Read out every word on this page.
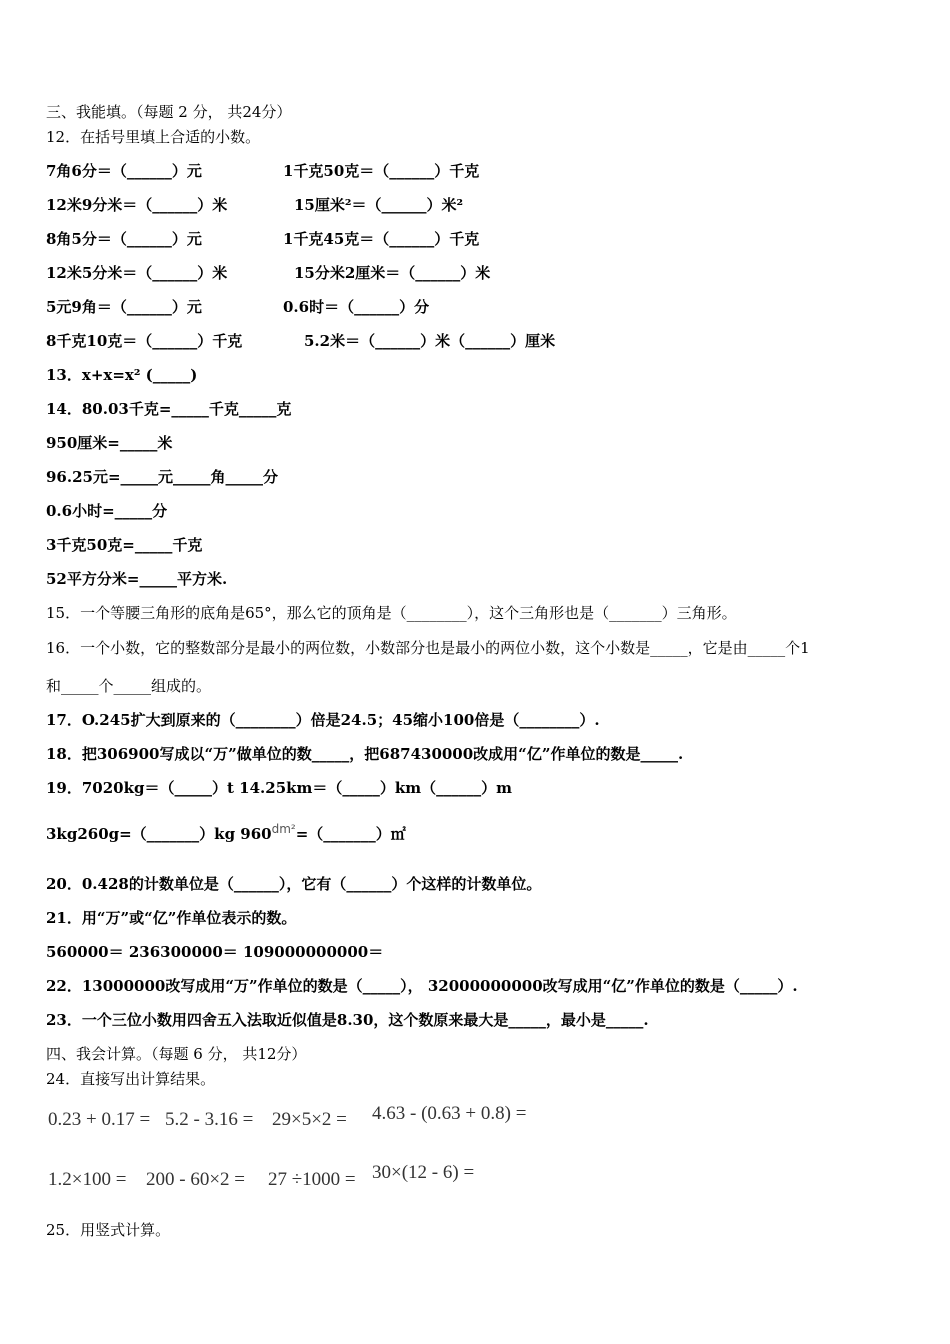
三、我能填。（每题 2 分， 共24分）
12．在括号里填上合适的小数。
7角6分＝（______）元	1千克50克＝（______）千克
12米9分米＝（______）米	15厘米²＝（______）米²
8角5分＝（______）元	1千克45克＝（______）千克
12米5分米＝（______）米	15分米2厘米＝（______）米
5元9角＝（______）元	0.6时＝（______）分
8千克10克＝（______）千克	5.2米＝（______）米（______）厘米
13．x+x=x² (_____)
14．80.03千克=_____千克_____克
950厘米=_____米
96.25元=_____元_____角_____分
0.6小时=_____分
3千克50克=_____千克
52平方分米=_____平方米.
15．一个等腰三角形的底角是65°，那么它的顶角是（________），这个三角形也是（_______）三角形。
16．一个小数，它的整数部分是最小的两位数，小数部分也是最小的两位小数，这个小数是_____，它是由_____个1
和_____个_____组成的。
17．O.245扩大到原来的（________）倍是24.5；45缩小100倍是（________）.
18．把306900写成以“万”做单位的数_____，把687430000改成用“亿”作单位的数是_____.
19．7020kg＝（_____）t 14.25km＝（_____）km（______）m
3kg260g=（_______）kg $960^{dm^2}=(\_\_\_\_\_\_\_)㎡$
20．0.428的计数单位是（______），它有（______）个这样的计数单位。
21．用“万”或“亿”作单位表示的数。
560000＝ 236300000＝ 109000000000＝
22．13000000改写成用“万”作单位的数是（_____）， 32000000000改写成用“亿”作单位的数是（_____）.
23．一个三位小数用四舍五入法取近似值是8.30，这个数原来最大是_____，最小是_____.
四、我会计算。（每题 6 分， 共12分）
24．直接写出计算结果。
0.23 + 0.17 = 5.2 - 3.16 = 29×5×2 = 4.63 - (0.63 + 0.8) =
1.2×100 = 200 - 60×2 = 27 ÷1000 = 30×(12 - 6) =
25．用竖式计算。
